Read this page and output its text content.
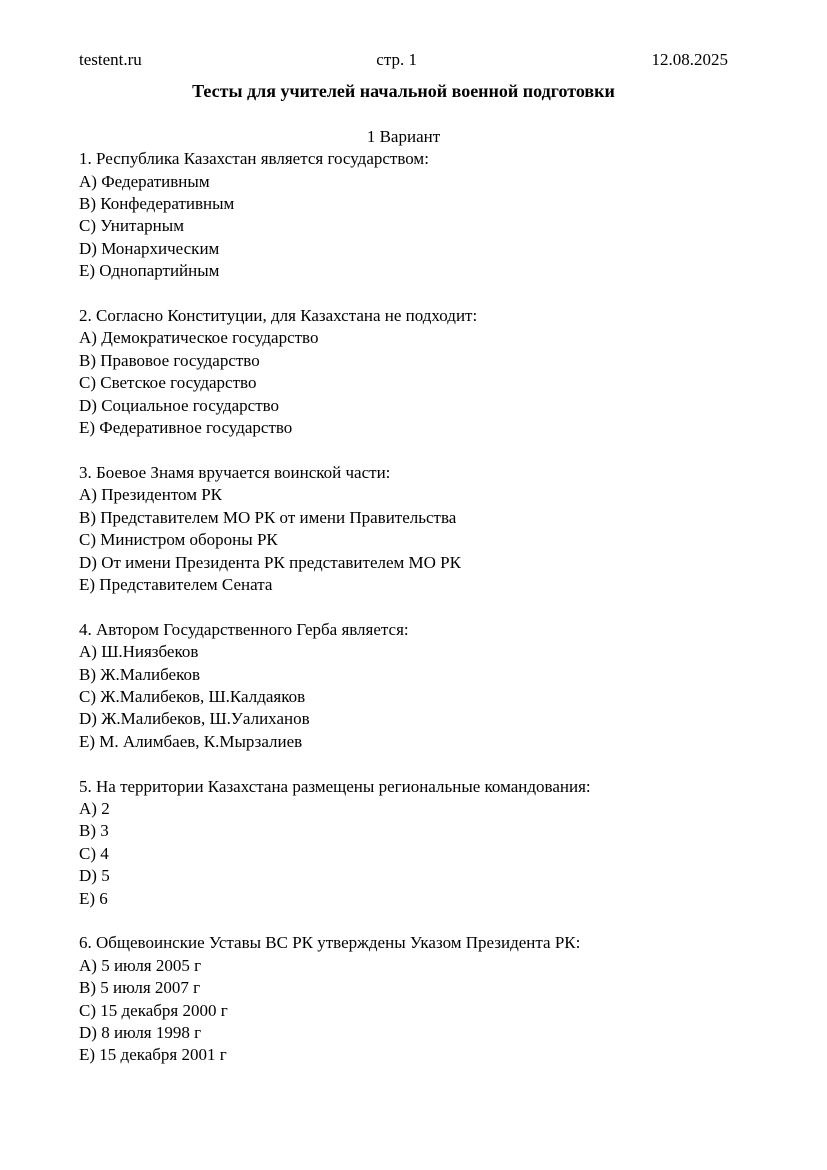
testent.ru	стр. 1	12.08.2025
Тесты для учителей начальной военной подготовки
1 Вариант
1. Республика Казахстан является государством:
A) Федеративным
B) Конфедеративным
C) Унитарным
D) Монархическим
E) Однопартийным
2. Согласно Конституции, для Казахстана не подходит:
A) Демократическое государство
B) Правовое государство
C) Светское государство
D) Социальное государство
E) Федеративное государство
3. Боевое Знамя вручается воинской части:
A) Президентом РК
B) Представителем МО РК от имени Правительства
C) Министром обороны РК
D) От имени Президента РК представителем МО РК
E) Представителем Сената
4. Автором Государственного Герба является:
A) Ш.Ниязбеков
B) Ж.Малибеков
C) Ж.Малибеков, Ш.Калдаяков
D) Ж.Малибеков, Ш.Уалиханов
E) М. Алимбаев, К.Мырзалиев
5. На территории Казахстана размещены региональные командования:
A) 2
B) 3
C) 4
D) 5
E) 6
6. Общевоинские Уставы ВС РК утверждены Указом Президента РК:
A) 5 июля 2005 г
B) 5 июля 2007 г
C) 15 декабря 2000 г
D) 8 июля 1998 г
E) 15 декабря 2001 г
